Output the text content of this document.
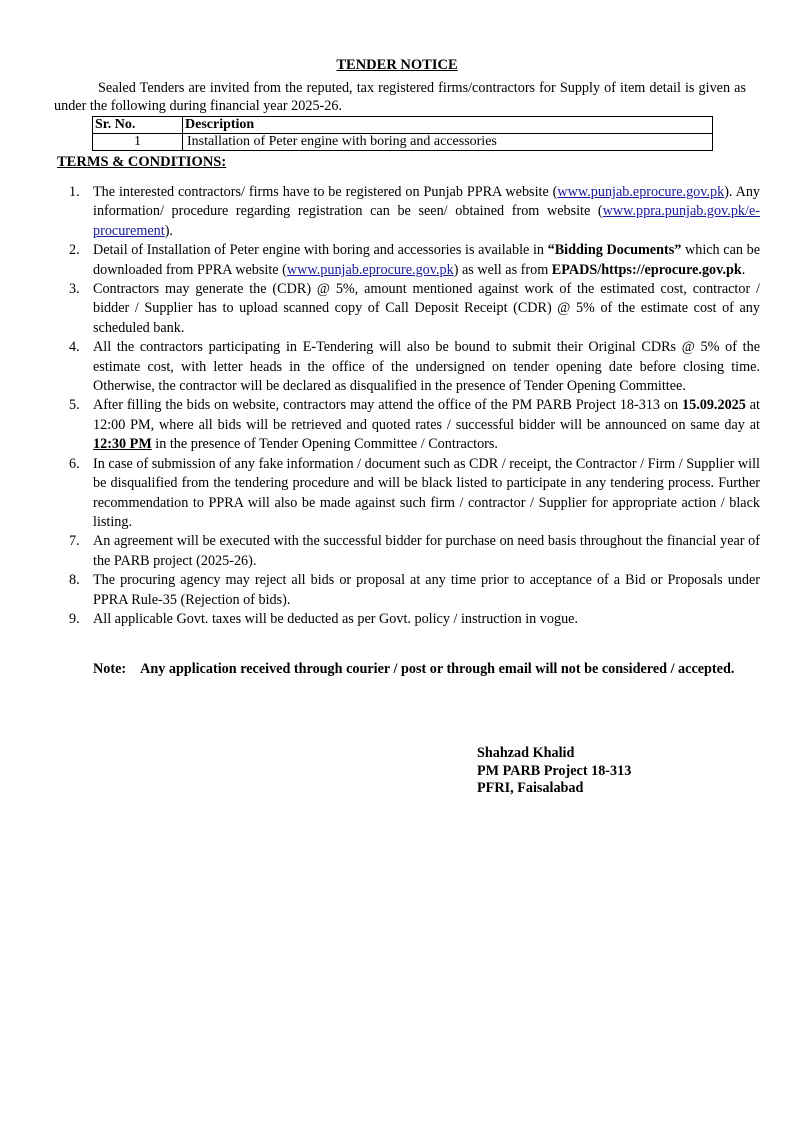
TENDER NOTICE
Sealed Tenders are invited from the reputed, tax registered firms/contractors for Supply of item detail is given as under the following during financial year 2025-26.
Sr. No.	Description
1	Installation of Peter engine with boring and accessories
TERMS & CONDITIONS:
1. The interested contractors/ firms have to be registered on Punjab PPRA website (www.punjab.eprocure.gov.pk). Any information/ procedure regarding registration can be seen/ obtained from website (www.ppra.punjab.gov.pk/e-procurement).
2. Detail of Installation of Peter engine with boring and accessories is available in “Bidding Documents” which can be downloaded from PPRA website (www.punjab.eprocure.gov.pk) as well as from EPADS/https://eprocure.gov.pk.
3. Contractors may generate the (CDR) @ 5%, amount mentioned against work of the estimated cost, contractor / bidder / Supplier has to upload scanned copy of Call Deposit Receipt (CDR) @ 5% of the estimate cost of any scheduled bank.
4. All the contractors participating in E-Tendering will also be bound to submit their Original CDRs @ 5% of the estimate cost, with letter heads in the office of the undersigned on tender opening date before closing time. Otherwise, the contractor will be declared as disqualified in the presence of Tender Opening Committee.
5. After filling the bids on website, contractors may attend the office of the PM PARB Project 18-313 on 15.09.2025 at 12:00 PM, where all bids will be retrieved and quoted rates / successful bidder will be announced on same day at 12:30 PM in the presence of Tender Opening Committee / Contractors.
6. In case of submission of any fake information / document such as CDR / receipt, the Contractor / Firm / Supplier will be disqualified from the tendering procedure and will be black listed to participate in any tendering process. Further recommendation to PPRA will also be made against such firm / contractor / Supplier for appropriate action / black listing.
7. An agreement will be executed with the successful bidder for purchase on need basis throughout the financial year of the PARB project (2025-26).
8. The procuring agency may reject all bids or proposal at any time prior to acceptance of a Bid or Proposals under PPRA Rule-35 (Rejection of bids).
9. All applicable Govt. taxes will be deducted as per Govt. policy / instruction in vogue.
Note: Any application received through courier / post or through email will not be considered / accepted.
Shahzad Khalid
PM PARB Project 18-313
PFRI, Faisalabad
